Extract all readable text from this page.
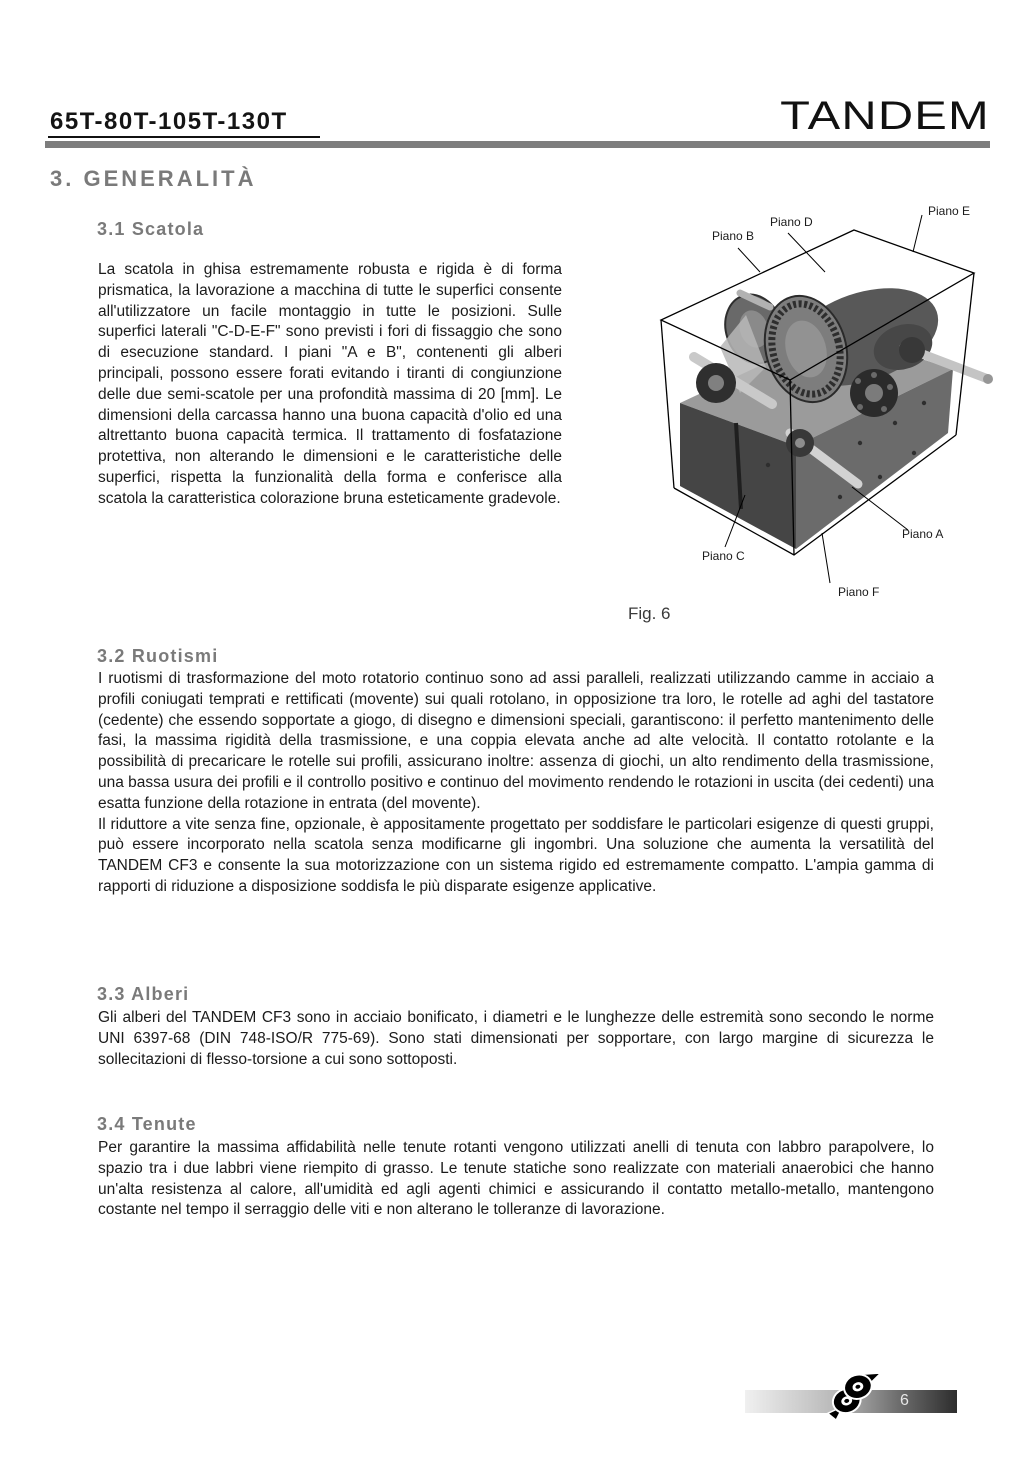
65T-80T-105T-130T	TANDEM
3. GENERALITÀ
3.1 Scatola

La scatola in ghisa estremamente robusta e rigida è di forma prismatica, la lavorazione a macchina di tutte le superfici consente all'utilizzatore un facile montaggio in tutte le posizioni. Sulle superfici laterali "C-D-E-F" sono previsti i fori di fissaggio che sono di esecuzione standard. I piani "A e B", contenenti gli alberi principali, possono essere forati evitando i tiranti di congiunzione delle due semi-scatole per una profondità massima di 20 [mm]. Le dimensioni della carcassa hanno una buona capacità d'olio ed una altrettanto buona capacità termica. Il trattamento di fosfatazione protettiva, non alterando le dimensioni e le caratteristiche delle superfici, rispetta la funzionalità della forma e conferisce alla scatola la caratteristica colorazione bruna esteticamente gradevole.

Piano B
Piano D
Piano E
Piano A
Piano C
Piano F
Fig. 6
3.2 Ruotismi

I ruotismi di trasformazione del moto rotatorio continuo sono ad assi paralleli, realizzati utilizzando camme in acciaio a profili coniugati temprati e rettificati (movente) sui quali rotolano, in opposizione tra loro, le rotelle ad aghi del tastatore (cedente) che essendo sopportate a giogo, di disegno e dimensioni speciali, garantiscono: il perfetto mantenimento delle fasi, la massima rigidità della trasmissione, e una coppia elevata anche ad alte velocità. Il contatto rotolante e la possibilità di precaricare le rotelle sui profili, assicurano inoltre: assenza di giochi, un alto rendimento della trasmissione, una bassa usura dei profili e il controllo positivo e continuo del movimento rendendo le rotazioni in uscita (dei cedenti) una esatta funzione della rotazione in entrata (del movente).

Il riduttore a vite senza fine, opzionale, è appositamente progettato per soddisfare le particolari esigenze di questi gruppi, può essere incorporato nella scatola senza modificarne gli ingombri. Una soluzione che aumenta la versatilità del TANDEM CF3 e consente la sua motorizzazione con un sistema rigido ed estremamente compatto. L'ampia gamma di rapporti di riduzione a disposizione soddisfa le più disparate esigenze applicative.

3.3 Alberi

Gli alberi del TANDEM CF3 sono in acciaio bonificato, i diametri e le lunghezze delle estremità sono secondo le norme UNI 6397-68 (DIN 748-ISO/R 775-69). Sono stati dimensionati per sopportare, con largo margine di sicurezza le sollecitazioni di flesso-torsione a cui sono sottoposti.

3.4 Tenute

Per garantire la massima affidabilità nelle tenute rotanti vengono utilizzati anelli di tenuta con labbro parapolvere, lo spazio tra i due labbri viene riempito di grasso. Le tenute statiche sono realizzate con materiali anaerobici che hanno un'alta resistenza al calore, all'umidità ed agli agenti chimici e assicurando il contatto metallo-metallo, mantengono costante nel tempo il serraggio delle viti e non alterano le tolleranze di lavorazione.

6
